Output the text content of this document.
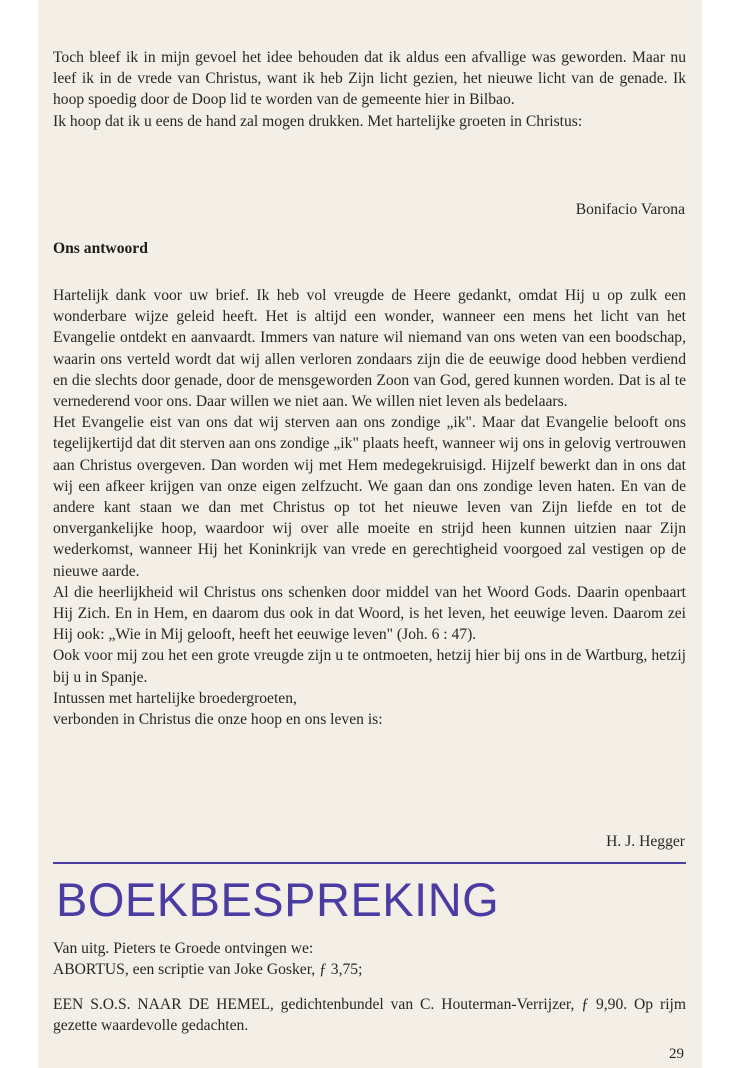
Toch bleef ik in mijn gevoel het idee behouden dat ik aldus een afvallige was geworden. Maar nu leef ik in de vrede van Christus, want ik heb Zijn licht gezien, het nieuwe licht van de genade. Ik hoop spoedig door de Doop lid te worden van de gemeente hier in Bilbao.
Ik hoop dat ik u eens de hand zal mogen drukken. Met hartelijke groeten in Christus:

Bonifacio Varona

Ons antwoord

Hartelijk dank voor uw brief. Ik heb vol vreugde de Heere gedankt, omdat Hij u op zulk een wonderbare wijze geleid heeft. Het is altijd een wonder, wanneer een mens het licht van het Evangelie ontdekt en aanvaardt. Immers van nature wil niemand van ons weten van een boodschap, waarin ons verteld wordt dat wij allen verloren zondaars zijn die de eeuwige dood hebben verdiend en die slechts door genade, door de mensgeworden Zoon van God, gered kunnen worden. Dat is al te vernederend voor ons. Daar willen we niet aan. We willen niet leven als bedelaars.
Het Evangelie eist van ons dat wij sterven aan ons zondige „ik". Maar dat Evangelie belooft ons tegelijkertijd dat dit sterven aan ons zondige „ik" plaats heeft, wanneer wij ons in gelovig vertrouwen aan Christus overgeven. Dan worden wij met Hem medegekruisigd. Hijzelf bewerkt dan in ons dat wij een afkeer krijgen van onze eigen zelfzucht. We gaan dan ons zondige leven haten. En van de andere kant staan we dan met Christus op tot het nieuwe leven van Zijn liefde en tot de onvergankelijke hoop, waardoor wij over alle moeite en strijd heen kunnen uitzien naar Zijn wederkomst, wanneer Hij het Koninkrijk van vrede en gerechtigheid voorgoed zal vestigen op de nieuwe aarde.
Al die heerlijkheid wil Christus ons schenken door middel van het Woord Gods. Daarin openbaart Hij Zich. En in Hem, en daarom dus ook in dat Woord, is het leven, het eeuwige leven. Daarom zei Hij ook: „Wie in Mij gelooft, heeft het eeuwige leven" (Joh. 6 : 47).
Ook voor mij zou het een grote vreugde zijn u te ontmoeten, hetzij hier bij ons in de Wartburg, hetzij bij u in Spanje.
Intussen met hartelijke broedergroeten,
verbonden in Christus die onze hoop en ons leven is:

H. J. Hegger

BOEKBESPREKING
Van uitg. Pieters te Groede ontvingen we:
ABORTUS, een scriptie van Joke Gosker, ƒ 3,75;
EEN S.O.S. NAAR DE HEMEL, gedichtenbundel van C. Houterman-Verrijzer, ƒ 9,90. Op rijm gezette waardevolle gedachten.

29
